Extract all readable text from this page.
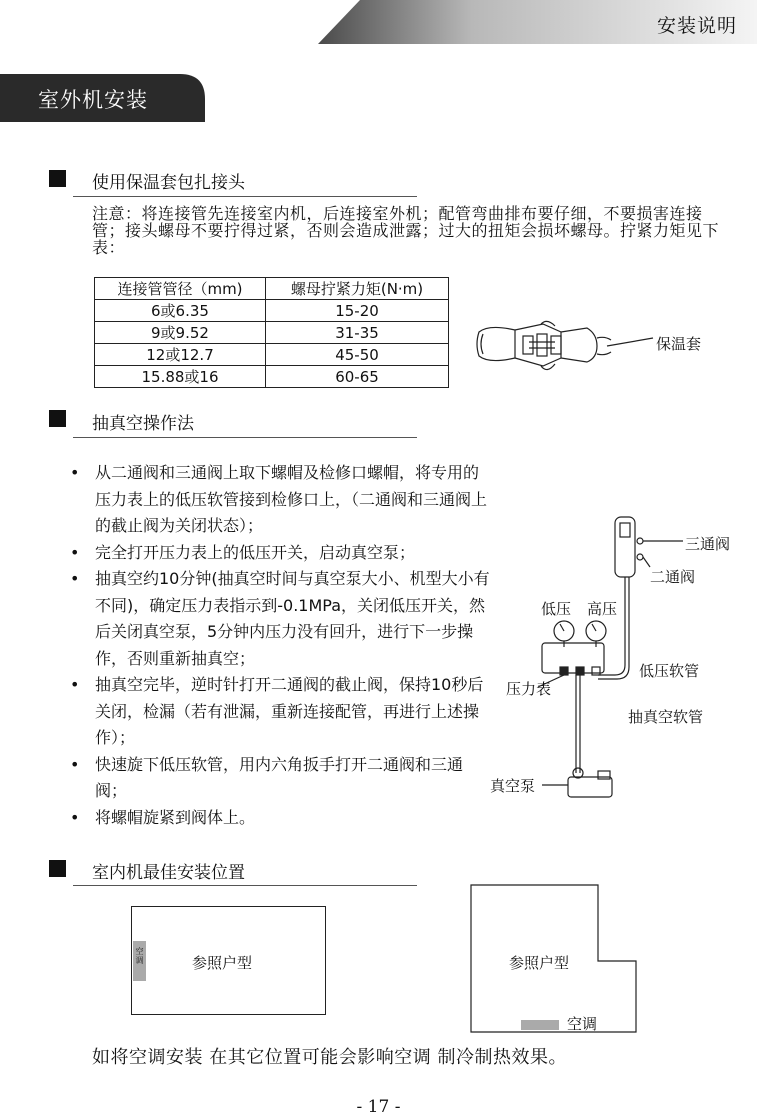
安装说明
室外机安装
使用保温套包扎接头
注意：将连接管先连接室内机，后连接室外机；配管弯曲排布要仔细，不要损害连接管；接头螺母不要拧得过紧，否则会造成泄露；过大的扭矩会损坏螺母。拧紧力矩见下表：
连接管管径（mm)	螺母拧紧力矩(N·m)
6或6.35	15-20
9或9.52	31-35
12或12.7	45-50
15.88或16	60-65
保温套
抽真空操作法
• 从二通阀和三通阀上取下螺帽及检修口螺帽，将专用的压力表上的低压软管接到检修口上，（二通阀和三通阀上的截止阀为关闭状态）；
• 完全打开压力表上的低压开关，启动真空泵；
• 抽真空约10分钟(抽真空时间与真空泵大小、机型大小有不同)，确定压力表指示到-0.1MPa，关闭低压开关，然后关闭真空泵，5分钟内压力没有回升，进行下一步操作，否则重新抽真空；
• 抽真空完毕，逆时针打开二通阀的截止阀，保持10秒后关闭，检漏（若有泄漏，重新连接配管，再进行上述操作）；
• 快速旋下低压软管，用内六角扳手打开二通阀和三通阀；
• 将螺帽旋紧到阀体上。
三通阀
二通阀
低压 高压
低压软管
压力表
抽真空软管
真空泵
室内机最佳安装位置
空调	参照户型	参照户型
空调
如将空调安装 在其它位置可能会影响空调 制冷制热效果。
- 17 -
